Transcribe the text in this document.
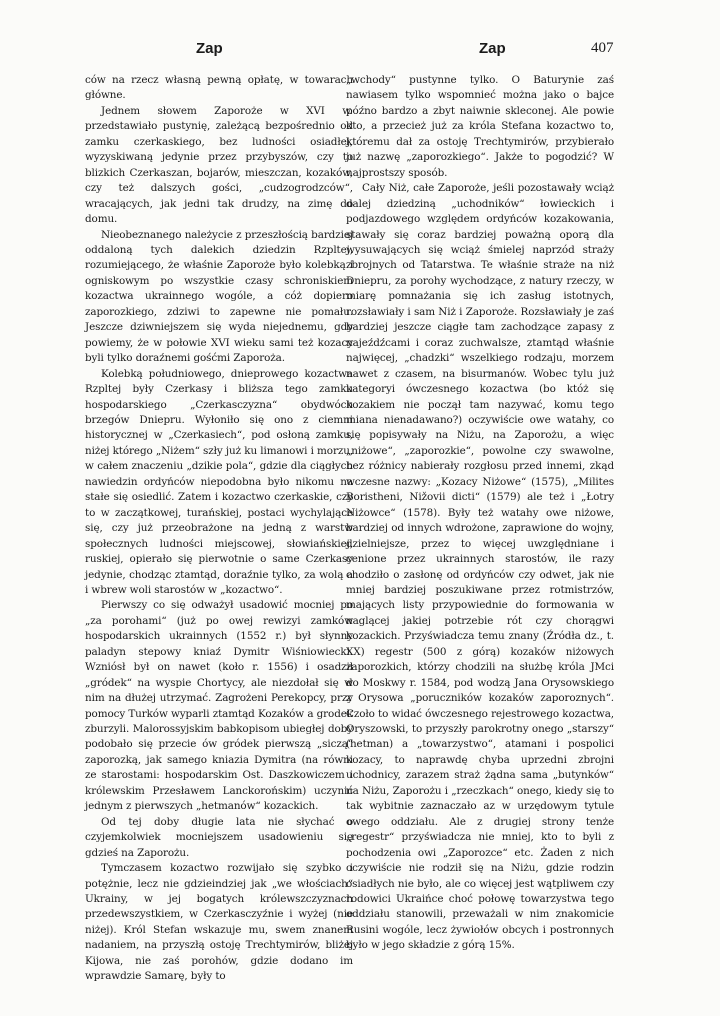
Zap	Zap	407

ców na rzecz własną pewną opłatę, w towarach główne.

Jednem słowem Zaporoże w XVI w. przedstawiało pustynię, zależącą bezpośrednio od zamku czerkaskiego, bez ludności osiadłej, wyzyskiwaną jedynie przez przybyszów, czy to blizkich Czerkaszan, bojarów, mieszczan, kozaków, czy też dalszych gości, „cudzogrodzców“, wracających, jak jedni tak drudzy, na zimę do domu.

Nieobeznanego należycie z przeszłością bardziej oddaloną tych dalekich dziedzin Rzpltej, rozumiejącego, że właśnie Zaporoże było kolebką i ogniskowym po wszystkie czasy schroniskiem kozactwa ukrainnego wogóle, a cóż dopiero zaporozkiego, zdziwi to zapewne nie pomału. Jeszcze dziwniejszem się wyda niejednemu, gdy powiemy, że w połowie XVI wieku sami też kozacy byli tylko doraźnemi gośćmi Zaporoża.

Kolebką południowego, dnieprowego kozactwa Rzpltej były Czerkasy i bliższa tego zamku hospodarskiego „Czerkasczyzna“ obydwóch brzegów Dniepru. Wyłoniło się ono z ciemni historycznej w „Czerkasiech“, pod osłoną zamku, niżej którego „Niżem“ szły już ku limanowi i morzu, w całem znaczeniu „dzikie pola“, gdzie dla ciągłych nawiedzin ordyńców niepodobna było nikomu na stałe się osiedlić. Zatem i kozactwo czerkaskie, czy to w zaczątkowej, turańskiej, postaci wychylające się, czy już przeobrażone na jedną z warstw społecznych ludności miejscowej, słowiańskiej, ruskiej, opierało się pierwotnie o same Czerkasy jedynie, chodząc ztamtąd, doraźnie tylko, za wolą a i wbrew woli starostów w „kozactwo“.

Pierwszy co się odważył usadowić mocniej po „za porohami“ (już po owej rewizyi zamków hospodarskich ukrainnych (1552 r.) był słynny paladyn stepowy kniaź Dymitr Wiśniowiecki. Wzniósł był on nawet (koło r. 1556) i osadził „gródek“ na wyspie Chortycy, ale niezdołał się w nim na dłużej utrzymać. Zagrożeni Perekopcy, przy pomocy Turków wyparli ztamtąd Kozaków a grodek zburzyli. Malorossyjskim babkopisom ubiegłej doby podobało się przecie ów gródek pierwszą „siczą“ zaporozką, jak samego kniazia Dymitra (na równi ze starostami: hospodarskim Ost. Daszkowiczem i królewskim Przesławem Lanckorońskim) uczynić jednym z pierwszych „hetmanów“ kozackich.

Od tej doby długie lata nie słychać o czyjemkolwiek mocniejszem usadowieniu się gdzieś na Zaporożu.

Tymczasem kozactwo rozwijało się szybko i potężnie, lecz nie gdzieindziej jak „we włościach“ Ukrainy, w jej bogatych królewszczyznach przedewszystkiem, w Czerkasczyźnie i wyżej (nie niżej). Król Stefan wskazuje mu, swem znanem nadaniem, na przyszłą ostoję Trechtymirów, bliżej Kijowa, nie zaś porohów, gdzie dodano im wprawdzie Samarę, były to

„wchody“ pustynne tylko. O Baturynie zaś nawiasem tylko wspomnieć można jako o bajce późno bardzo a zbyt naiwnie skleconej. Ale powie kto, a przecież już za króla Stefana kozactwo to, któremu dał za ostoję Trechtymirów, przybierało już nazwę „zaporozkiego“. Jakże to pogodzić? W najprostszy sposób.

Cały Niż, całe Zaporoże, jeśli pozostawały wciąż dalej dziedziną „uchodników“ łowieckich i podjazdowego względem ordyńców kozakowania, stawały się coraz bardziej poważną oporą dla wysuwających się wciąż śmielej naprzód straży zbrojnych od Tatarstwa. Te właśnie straże na niż Dniepru, za porohy wychodzące, z natury rzeczy, w miarę pomnażania się ich zasług istotnych, rozsławiały i sam Niż i Zaporoże. Rozsławiały je zaś bardziej jeszcze ciągłe tam zachodzące zapasy z najeźdźcami i coraz zuchwalsze, ztamtąd właśnie najwięcej, „chadzki“ wszelkiego rodzaju, morzem nawet z czasem, na bisurmanów. Wobec tylu już kategoryi ówczesnego kozactwa (bo któż się kozakiem nie począł tam nazywać, komu tego miana nienadawano?) oczywiście owe watahy, co się popisywały na Niżu, na Zaporożu, a więc „niżowe“, „zaporozkie“, powolne czy swawolne, bez różnicy nabierały rozgłosu przed innemi, zkąd wczesne nazwy: „Kozacy Niżowe“ (1575), „Milites Boristheni, Nižovii dicti“ (1579) ale też i „Łotry Niżowce“ (1578). Były też watahy owe niżowe, bardziej od innych wdrożone, zaprawione do wojny, dzielniejsze, przez to więcej uwzględniane i cenione przez ukrainnych starostów, ile razy chodziło o zasłonę od ordyńców czy odwet, jak nie mniej bardziej poszukiwane przez rotmistrzów, mających listy przypowiednie do formowania w naglącej jakiej potrzebie rót czy chorągwi kozackich. Przyświadcza temu znany (Źródła dz., t. XX) regestr (500 z górą) kozaków niżowych zaporozkich, którzy chodzili na służbę króla JMci do Moskwy r. 1584, pod wodzą Jana Orysowskiego z Orysowa „poruczników kozaków zaporoznych“. Czoło to widać ówczesnego rejestrowego kozactwa, Oryszowski, to przyszły parokrotny onego „starszy“ (hetman) a „towarzystwo“, atamani i pospolici kozacy, to naprawdę chyba uprzedni zbrojni uchodnicy, zarazem straż żądna sama „butynków“ na Niżu, Zaporożu i „rzeczkach“ onego, kiedy się to tak wybitnie zaznaczało az w urzędowym tytule owego oddziału. Ale z drugiej strony tenże „regestr“ przyświadcza nie mniej, kto to byli z pochodzenia owi „Zaporozce“ etc. Żaden z nich oczywiście nie rodził się na Niżu, gdzie rodzin osiadłych nie było, ale co więcej jest wątpliwem czy rodowici Ukraińce choć połowę towarzystwa tego oddziału stanowili, przeważali w nim znakomicie Rusini wogóle, lecz żywiołów obcych i postronnych było w jego składzie z górą 15%.
